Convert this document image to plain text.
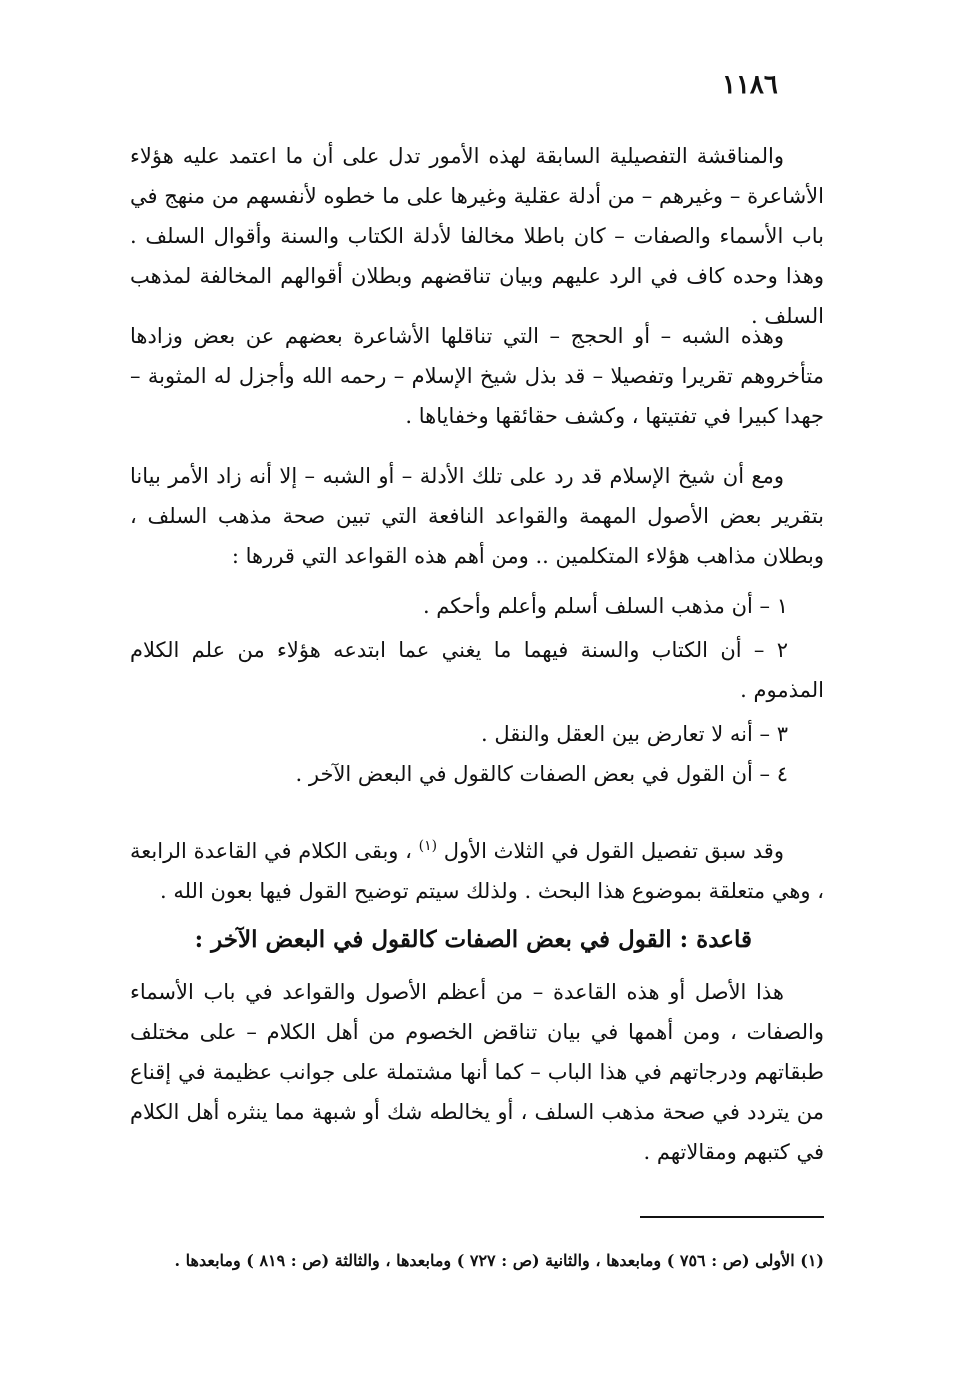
١١٨٦
والمناقشة التفصيلية السابقة لهذه الأمور تدل على أن ما اعتمد عليه هؤلاء الأشاعرة – وغيرهم – من أدلة عقلية وغيرها على ما خطوه لأنفسهم من منهج في باب الأسماء والصفات – كان باطلا مخالفا لأدلة الكتاب والسنة وأقوال السلف . وهذا وحده كاف في الرد عليهم وبيان تناقضهم وبطلان أقوالهم المخالفة لمذهب السلف .
وهذه الشبه – أو الحجج – التي تناقلها الأشاعرة بعضهم عن بعض وزادها متأخروهم تقريرا وتفصيلا – قد بذل شيخ الإسلام – رحمه الله وأجزل له المثوبة – جهدا كبيرا في تفتيتها ، وكشف حقائقها وخفاياها .
ومع أن شيخ الإسلام قد رد على تلك الأدلة – أو الشبه – إلا أنه زاد الأمر بيانا بتقرير بعض الأصول المهمة والقواعد النافعة التي تبين صحة مذهب السلف ، وبطلان مذاهب هؤلاء المتكلمين .. ومن أهم هذه القواعد التي قررها :
١ – أن مذهب السلف أسلم وأعلم وأحكم .
٢ – أن الكتاب والسنة فيهما ما يغني عما ابتدعه هؤلاء من علم الكلام المذموم .
٣ – أنه لا تعارض بين العقل والنقل .
٤ – أن القول في بعض الصفات كالقول في البعض الآخر .
وقد سبق تفصيل القول في الثلاث الأول $^{(١)}$ ، وبقى الكلام في القاعدة الرابعة ، وهي متعلقة بموضوع هذا البحث . ولذلك سيتم توضيح القول فيها بعون الله .
قاعدة : القول في بعض الصفات كالقول في البعض الآخر :
هذا الأصل أو هذه القاعدة – من أعظم الأصول والقواعد في باب الأسماء والصفات ، ومن أهمها في بيان تناقض الخصوم من أهل الكلام – على مختلف طبقاتهم ودرجاتهم في هذا الباب – كما أنها مشتملة على جوانب عظيمة في إقناع من يتردد في صحة مذهب السلف ، أو يخالطه شك أو شبهة مما ينثره أهل الكلام في كتبهم ومقالاتهم .
(١) الأولى (ص : ٧٥٦ ) ومابعدها ، والثانية (ص : ٧٢٧ ) ومابعدها ، والثالثة (ص : ٨١٩ ) ومابعدها .
